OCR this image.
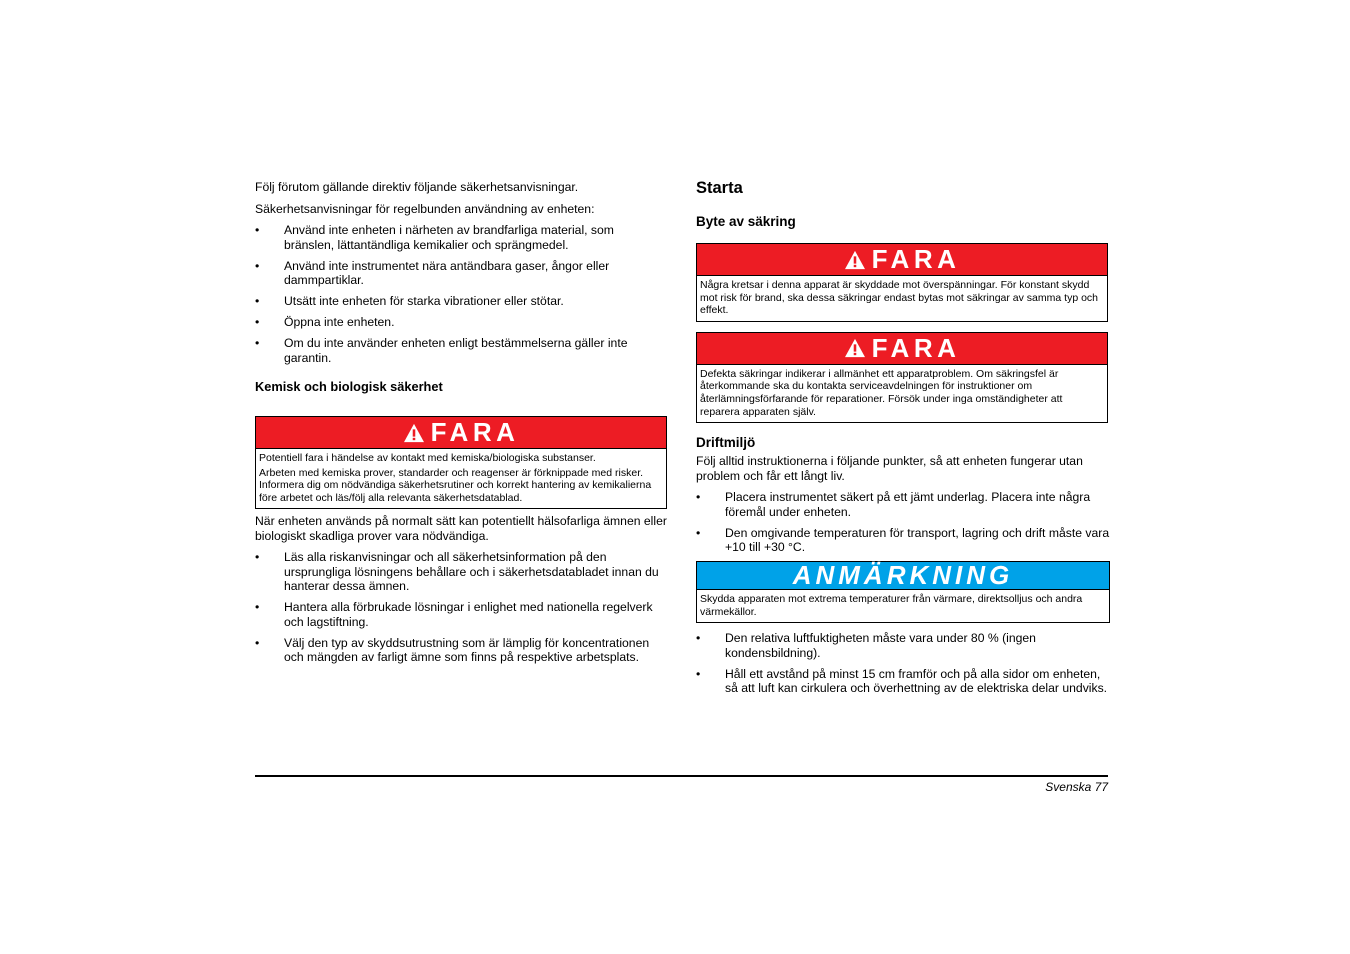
Följ förutom gällande direktiv följande säkerhetsanvisningar.

Säkerhetsanvisningar för regelbunden användning av enheten:

• Använd inte enheten i närheten av brandfarliga material, som bränslen, lättantändliga kemikalier och sprängmedel.
• Använd inte instrumentet nära antändbara gaser, ångor eller dammpartiklar.
• Utsätt inte enheten för starka vibrationer eller stötar.
• Öppna inte enheten.
• Om du inte använder enheten enligt bestämmelserna gäller inte garantin.
Kemisk och biologisk säkerhet
FARA

Potentiell fara i händelse av kontakt med kemiska/biologiska substanser.

Arbeten med kemiska prover, standarder och reagenser är förknippade med risker.

Informera dig om nödvändiga säkerhetsrutiner och korrekt hantering av kemikalierna före arbetet och läs/följ alla relevanta säkerhetsdatablad.

När enheten används på normalt sätt kan potentiellt hälsofarliga ämnen eller biologiskt skadliga prover vara nödvändiga.

• Läs alla riskanvisningar och all säkerhetsinformation på den ursprungliga lösningens behållare och i säkerhetsdatabladet innan du hanterar dessa ämnen.
• Hantera alla förbrukade lösningar i enlighet med nationella regelverk och lagstiftning.
• Välj den typ av skyddsutrustning som är lämplig för koncentrationen och mängden av farligt ämne som finns på respektive arbetsplats.
Starta
Byte av säkring
FARA

Några kretsar i denna apparat är skyddade mot överspänningar. För konstant skydd mot risk för brand, ska dessa säkringar endast bytas mot säkringar av samma typ och effekt.

FARA

Defekta säkringar indikerar i allmänhet ett apparatproblem. Om säkringsfel är återkommande ska du kontakta serviceavdelningen för instruktioner om återlämningsförfarande för reparationer. Försök under inga omständigheter att reparera apparaten själv.

Driftmiljö

Följ alltid instruktionerna i följande punkter, så att enheten fungerar utan problem och får ett långt liv.

• Placera instrumentet säkert på ett jämt underlag. Placera inte några föremål under enheten.
• Den omgivande temperaturen för transport, lagring och drift måste vara +10 till +30 °C.
ANMÄRKNING

Skydda apparaten mot extrema temperaturer från värmare, direktsolljus och andra värmekällor.

• Den relativa luftfuktigheten måste vara under 80 % (ingen kondensbildning).
• Håll ett avstånd på minst 15 cm framför och på alla sidor om enheten, så att luft kan cirkulera och överhettning av de elektriska delar undviks.
Svenska 77
